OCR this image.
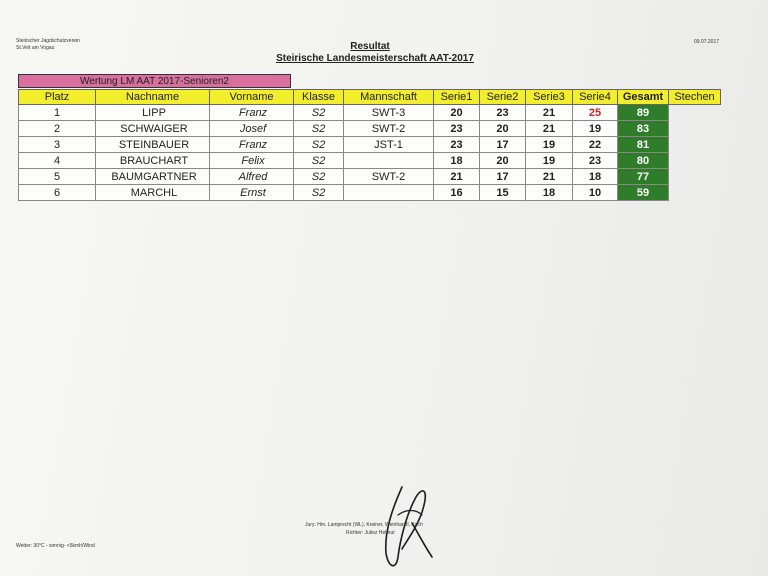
Steirischer Jagdschutzverein
St.Veit am Vogau
09.07.2017
Resultat
Steirische Landesmeisterschaft AAT-2017
Wertung LM AAT 2017-Senioren2
Platz	Nachname	Vorname	Klasse	Mannschaft	Serie1	Serie2	Serie3	Serie4	Gesamt	Stechen
1	LIPP	Franz	S2	SWT-3	20	23	21	25	89	
2	SCHWAIGER	Josef	S2	SWT-2	23	20	21	19	83	
3	STEINBAUER	Franz	S2	JST-1	23	17	19	22	81	
4	BRAUCHART	Felix	S2		18	20	19	23	80	
5	BAUMGARTNER	Alfred	S2	SWT-2	21	17	21	18	77	
6	MARCHL	Ernst	S2		16	15	18	10	59	
Jury: Hm. Lamprecht (WL), Kreiner, Weinhandl, Koch
Richter: Juliez Helmut
Wetter: 30°C - sonnig- <5kmh/Wind
